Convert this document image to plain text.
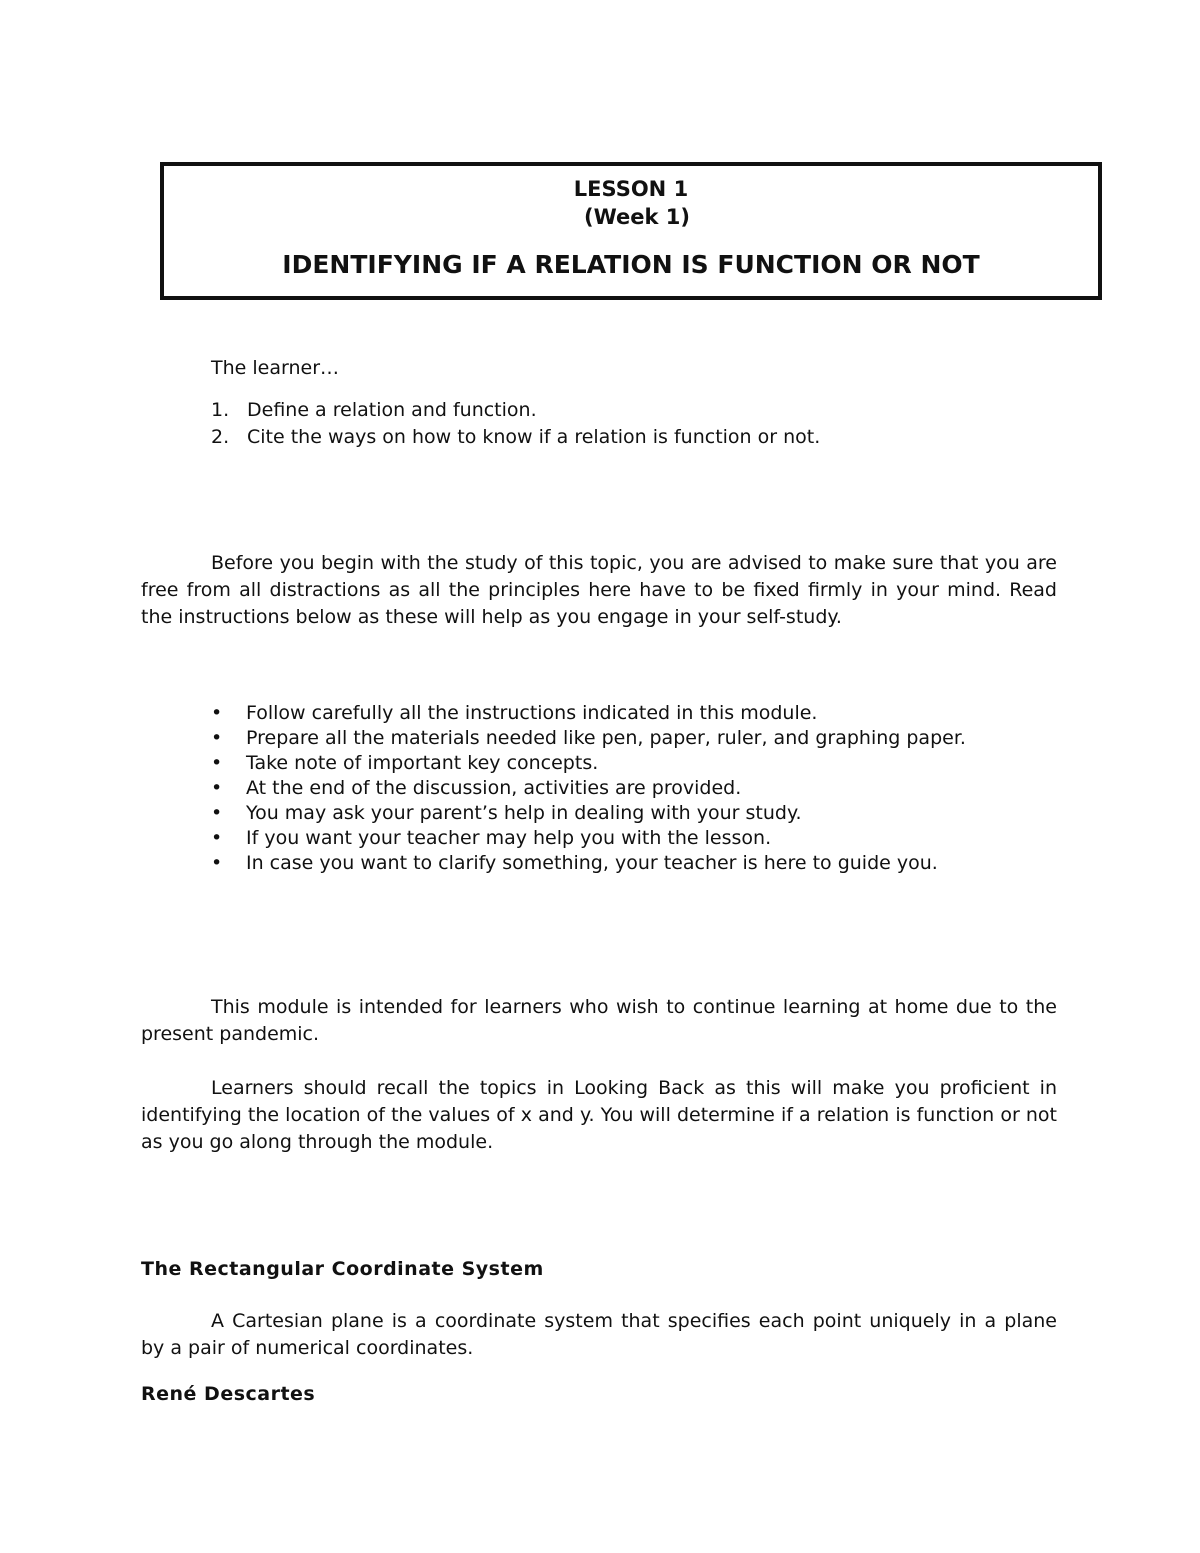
LESSON 1
(Week 1)
IDENTIFYING IF A RELATION IS FUNCTION OR NOT
The learner…
1. Define a relation and function.
2. Cite the ways on how to know if a relation is function or not.

Before you begin with the study of this topic, you are advised to make sure that you are free from all distractions as all the principles here have to be fixed firmly in your mind. Read the instructions below as these will help as you engage in your self-study.

•	Follow carefully all the instructions indicated in this module.
•	Prepare all the materials needed like pen, paper, ruler, and graphing paper.
•	Take note of important key concepts.
•	At the end of the discussion, activities are provided.
•	You may ask your parent’s help in dealing with your study.
•	If you want your teacher may help you with the lesson.
•	In case you want to clarify something, your teacher is here to guide you.

This module is intended for learners who wish to continue learning at home due to the present pandemic.

Learners should recall the topics in Looking Back as this will make you proficient in identifying the location of the values of x and y. You will determine if a relation is function or not as you go along through the module.

The Rectangular Coordinate System

A Cartesian plane is a coordinate system that specifies each point uniquely in a plane by a pair of numerical coordinates.

René Descartes
